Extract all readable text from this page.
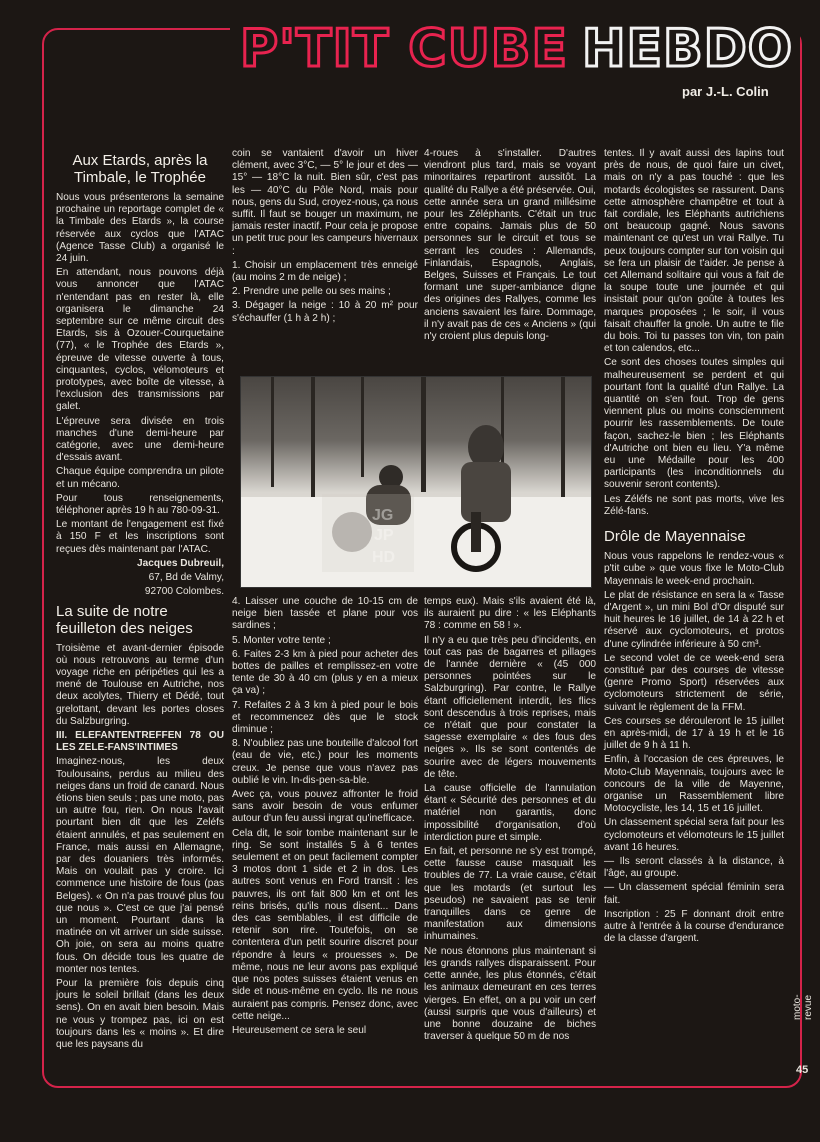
P'TIT CUBE HEBDO
par J.-L. Colin
Aux Etards, après la Timbale, le Trophée

Nous vous présenterons la semaine prochaine un reportage complet de « la Timbale des Etards », la course réservée aux cyclos que l'ATAC (Agence Tasse Club) a organisé le 24 juin.

En attendant, nous pouvons déjà vous annoncer que l'ATAC n'entendant pas en rester là, elle organisera le dimanche 24 septembre sur ce même circuit des Etards, sis à Ozouer-Courquetaine (77), « le Trophée des Etards », épreuve de vitesse ouverte à tous, cinquantes, cyclos, vélomoteurs et prototypes, avec boîte de vitesse, à l'exclusion des transmissions par galet.

L'épreuve sera divisée en trois manches d'une demi-heure par catégorie, avec une demi-heure d'essais avant.

Chaque équipe comprendra un pilote et un mécano.

Pour tous renseignements, téléphoner après 19 h au 780-09-31.

Le montant de l'engagement est fixé à 150 F et les inscriptions sont reçues dès maintenant par l'ATAC.

Jacques Dubreuil,

67, Bd de Valmy,

92700 Colombes.

La suite de notre feuilleton des neiges

Troisième et avant-dernier épisode où nous retrouvons au terme d'un voyage riche en péripéties qui les a mené de Toulouse en Autriche, nos deux acolytes, Thierry et Dédé, tout grelottant, devant les portes closes du Salzburgring.

III. ELEFANTENTREFFEN 78 OU LES ZELE-FANS'INTIMES

Imaginez-nous, les deux Toulousains, perdus au milieu des neiges dans un froid de canard. Nous étions bien seuls ; pas une moto, pas un autre fou, rien. On nous l'avait pourtant bien dit que les Zeléfs étaient annulés, et pas seulement en France, mais aussi en Allemagne, par des douaniers très informés. Mais on voulait pas y croire. Ici commence une histoire de fous (pas Belges). « On n'a pas trouvé plus fou que nous ». C'est ce que j'ai pensé un moment. Pourtant dans la matinée on vit arriver un side suisse. Oh joie, on sera au moins quatre fous. On décide tous les quatre de monter nos tentes.

Pour la première fois depuis cinq jours le soleil brillait (dans les deux sens). On en avait bien besoin. Mais ne vous y trompez pas, ici on est toujours dans les « moins ». Et dire que les paysans du

coin se vantaient d'avoir un hiver clément, avec 3°C, — 5° le jour et des — 15° — 18°C la nuit. Bien sûr, c'est pas les — 40°C du Pôle Nord, mais pour nous, gens du Sud, croyez-nous, ça nous suffit. Il faut se bouger un maximum, ne jamais rester inactif. Pour cela je propose un petit truc pour les campeurs hivernaux :

1. Choisir un emplacement très enneigé (au moins 2 m de neige) ;

2. Prendre une pelle ou ses mains ;

3. Dégager la neige : 10 à 20 m² pour s'échauffer (1 h à 2 h) ;

4-roues à s'installer. D'autres viendront plus tard, mais se voyant minoritaires repartiront aussitôt. La qualité du Rallye a été préservée. Oui, cette année sera un grand millésime pour les Zéléphants. C'était un truc entre copains. Jamais plus de 50 personnes sur le circuit et tous se serrant les coudes : Allemands, Finlandais, Espagnols, Anglais, Belges, Suisses et Français. Le tout formant une super-ambiance digne des origines des Rallyes, comme les anciens savaient les faire. Dommage, il n'y avait pas de ces « Anciens » (qui n'y croient plus depuis long-

JG
JP
HD

4. Laisser une couche de 10-15 cm de neige bien tassée et plane pour vos sardines ;

5. Monter votre tente ;

6. Faites 2-3 km à pied pour acheter des bottes de pailles et remplissez-en votre tente de 30 à 40 cm (plus y en a mieux ça va) ;

7. Refaites 2 à 3 km à pied pour le bois et recommencez dès que le stock diminue ;

8. N'oubliez pas une bouteille d'alcool fort (eau de vie, etc.) pour les moments creux. Je pense que vous n'avez pas oublié le vin. In-dis-pen-sa-ble.

Avec ça, vous pouvez affronter le froid sans avoir besoin de vous enfumer autour d'un feu aussi ingrat qu'inefficace.

Cela dit, le soir tombe maintenant sur le ring. Se sont installés 5 à 6 tentes seulement et on peut facilement compter 3 motos dont 1 side et 2 in dos. Les autres sont venus en Ford transit : les pauvres, ils ont fait 800 km et ont les reins brisés, qu'ils nous disent... Dans des cas semblables, il est difficile de retenir son rire. Toutefois, on se contentera d'un petit sourire discret pour répondre à leurs « prouesses ». De même, nous ne leur avons pas expliqué que nos potes suisses étaient venus en side et nous-même en cyclo. Ils ne nous auraient pas compris. Pensez donc, avec cette neige...

Heureusement ce sera le seul

temps eux). Mais s'ils avaient été là, ils auraient pu dire : « les Eléphants 78 : comme en 58 ! ».

Il n'y a eu que très peu d'incidents, en tout cas pas de bagarres et pillages de l'année dernière « (45 000 personnes pointées sur le Salzburgring). Par contre, le Rallye étant officiellement interdit, les flics sont descendus à trois reprises, mais ce n'était que pour constater la sagesse exemplaire « des fous des neiges ». Ils se sont contentés de sourire avec de légers mouvements de tête.

La cause officielle de l'annulation étant « Sécurité des personnes et du matériel non garantis, donc impossibilité d'organisation, d'où interdiction pure et simple.

En fait, et personne ne s'y est trompé, cette fausse cause masquait les troubles de 77. La vraie cause, c'était que les motards (et surtout les pseudos) ne savaient pas se tenir tranquilles dans ce genre de manifestation aux dimensions inhumaines.

Ne nous étonnons plus maintenant si les grands rallyes disparaissent. Pour cette année, les plus étonnés, c'était les animaux demeurant en ces terres vierges. En effet, on a pu voir un cerf (aussi surpris que vous d'ailleurs) et une bonne douzaine de biches traverser à quelque 50 m de nos

tentes. Il y avait aussi des lapins tout près de nous, de quoi faire un civet, mais on n'y a pas touché : que les motards écologistes se rassurent. Dans cette atmosphère champêtre et tout à fait cordiale, les Eléphants autrichiens ont beaucoup gagné. Nous savons maintenant ce qu'est un vrai Rallye. Tu peux toujours compter sur ton voisin qui se fera un plaisir de t'aider. Je pense à cet Allemand solitaire qui vous a fait de la soupe toute une journée et qui insistait pour qu'on goûte à toutes les marques proposées ; le soir, il vous faisait chauffer la gnole. Un autre te file du bois. Toi tu passes ton vin, ton pain et ton calendos, etc...

Ce sont des choses toutes simples qui malheureusement se perdent et qui pourtant font la qualité d'un Rallye. La quantité on s'en fout. Trop de gens viennent plus ou moins consciemment pourrir les rassemblements. De toute façon, sachez-le bien ; les Eléphants d'Autriche ont bien eu lieu. Y'a même eu une Médaille pour les 400 participants (les inconditionnels du souvenir seront contents).

Les Zéléfs ne sont pas morts, vive les Zélé-fans.

Drôle de Mayennaise

Nous vous rappelons le rendez-vous « p'tit cube » que vous fixe le Moto-Club Mayennais le week-end prochain.

Le plat de résistance en sera la « Tasse d'Argent », un mini Bol d'Or disputé sur huit heures le 16 juillet, de 14 à 22 h et réservé aux cyclomoteurs, et protos d'une cylindrée inférieure à 50 cm³.

Le second volet de ce week-end sera constitué par des courses de vitesse (genre Promo Sport) réservées aux cyclomoteurs strictement de série, suivant le règlement de la FFM.

Ces courses se dérouleront le 15 juillet en après-midi, de 17 à 19 h et le 16 juillet de 9 h à 11 h.

Enfin, à l'occasion de ces épreuves, le Moto-Club Mayennais, toujours avec le concours de la ville de Mayenne, organise un Rassemblement libre Motocycliste, les 14, 15 et 16 juillet.

Un classement spécial sera fait pour les cyclomoteurs et vélomoteurs le 15 juillet avant 16 heures.

— Ils seront classés à la distance, à l'âge, au groupe.

— Un classement spécial féminin sera fait.

Inscription : 25 F donnant droit entre autre à l'entrée à la course d'endurance de la classe d'argent.

moto-revue
45
